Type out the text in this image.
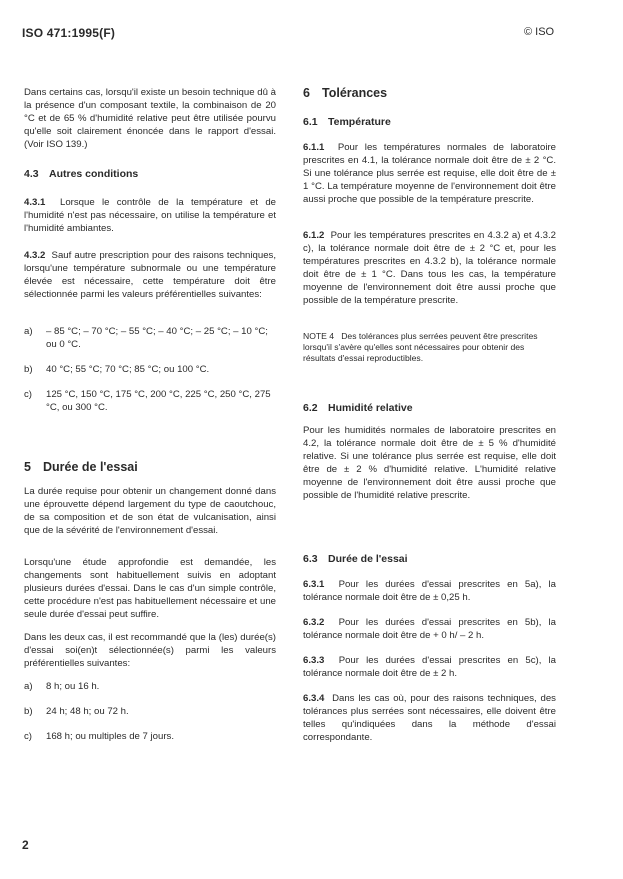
ISO 471:1995(F)	© ISO

Dans certains cas, lorsqu'il existe un besoin technique dû à la présence d'un composant textile, la combinaison de 20 °C et de 65 % d'humidité relative peut être utilisée pourvu qu'elle soit clairement énoncée dans le rapport d'essai. (Voir ISO 139.)

4.3 Autres conditions

4.3.1 Lorsque le contrôle de la température et de l'humidité n'est pas nécessaire, on utilise la température et l'humidité ambiantes.

4.3.2 Sauf autre prescription pour des raisons techniques, lorsqu'une température subnormale ou une température élevée est nécessaire, cette température doit être sélectionnée parmi les valeurs préférentielles suivantes:

a)	– 85 °C; – 70 °C; – 55 °C; – 40 °C; – 25 °C; – 10 °C; ou 0 °C.
b)	40 °C; 55 °C; 70 °C; 85 °C; ou 100 °C.
c)	125 °C, 150 °C, 175 °C, 200 °C, 225 °C, 250 °C, 275 °C, ou 300 °C.
5 Durée de l'essai

La durée requise pour obtenir un changement donné dans une éprouvette dépend largement du type de caoutchouc, de sa composition et de son état de vulcanisation, ainsi que de la sévérité de l'environnement d'essai.

Lorsqu'une étude approfondie est demandée, les changements sont habituellement suivis en adoptant plusieurs durées d'essai. Dans le cas d'un simple contrôle, cette procédure n'est pas habituellement nécessaire et une seule durée d'essai peut suffire.

Dans les deux cas, il est recommandé que la (les) durée(s) d'essai soi(en)t sélectionnée(s) parmi les valeurs préférentielles suivantes:

a)	8 h; ou 16 h.
b)	24 h; 48 h; ou 72 h.
c)	168 h; ou multiples de 7 jours.
6 Tolérances
6.1 Température

6.1.1 Pour les températures normales de laboratoire prescrites en 4.1, la tolérance normale doit être de ± 2 °C. Si une tolérance plus serrée est requise, elle doit être de ± 1 °C. La température moyenne de l'environnement doit être aussi proche que possible de la température prescrite.

6.1.2 Pour les températures prescrites en 4.3.2 a) et 4.3.2 c), la tolérance normale doit être de ± 2 °C et, pour les températures prescrites en 4.3.2 b), la tolérance normale doit être de ± 1 °C. Dans tous les cas, la température moyenne de l'environnement doit être aussi proche que possible de la température prescrite.

NOTE 4 Des tolérances plus serrées peuvent être prescrites lorsqu'il s'avère qu'elles sont nécessaires pour obtenir des résultats d'essai reproductibles.
6.2 Humidité relative

Pour les humidités normales de laboratoire prescrites en 4.2, la tolérance normale doit être de ± 5 % d'humidité relative. Si une tolérance plus serrée est requise, elle doit être de ± 2 % d'humidité relative. L'humidité relative moyenne de l'environnement doit être aussi proche que possible de l'humidité relative prescrite.

6.3 Durée de l'essai

6.3.1 Pour les durées d'essai prescrites en 5a), la tolérance normale doit être de ± 0,25 h.

6.3.2 Pour les durées d'essai prescrites en 5b), la tolérance normale doit être de + 0 h/ – 2 h.

6.3.3 Pour les durées d'essai prescrites en 5c), la tolérance normale doit être de ± 2 h.

6.3.4 Dans les cas où, pour des raisons techniques, des tolérances plus serrées sont nécessaires, elle doivent être telles qu'indiquées dans la méthode d'essai correspondante.

2
